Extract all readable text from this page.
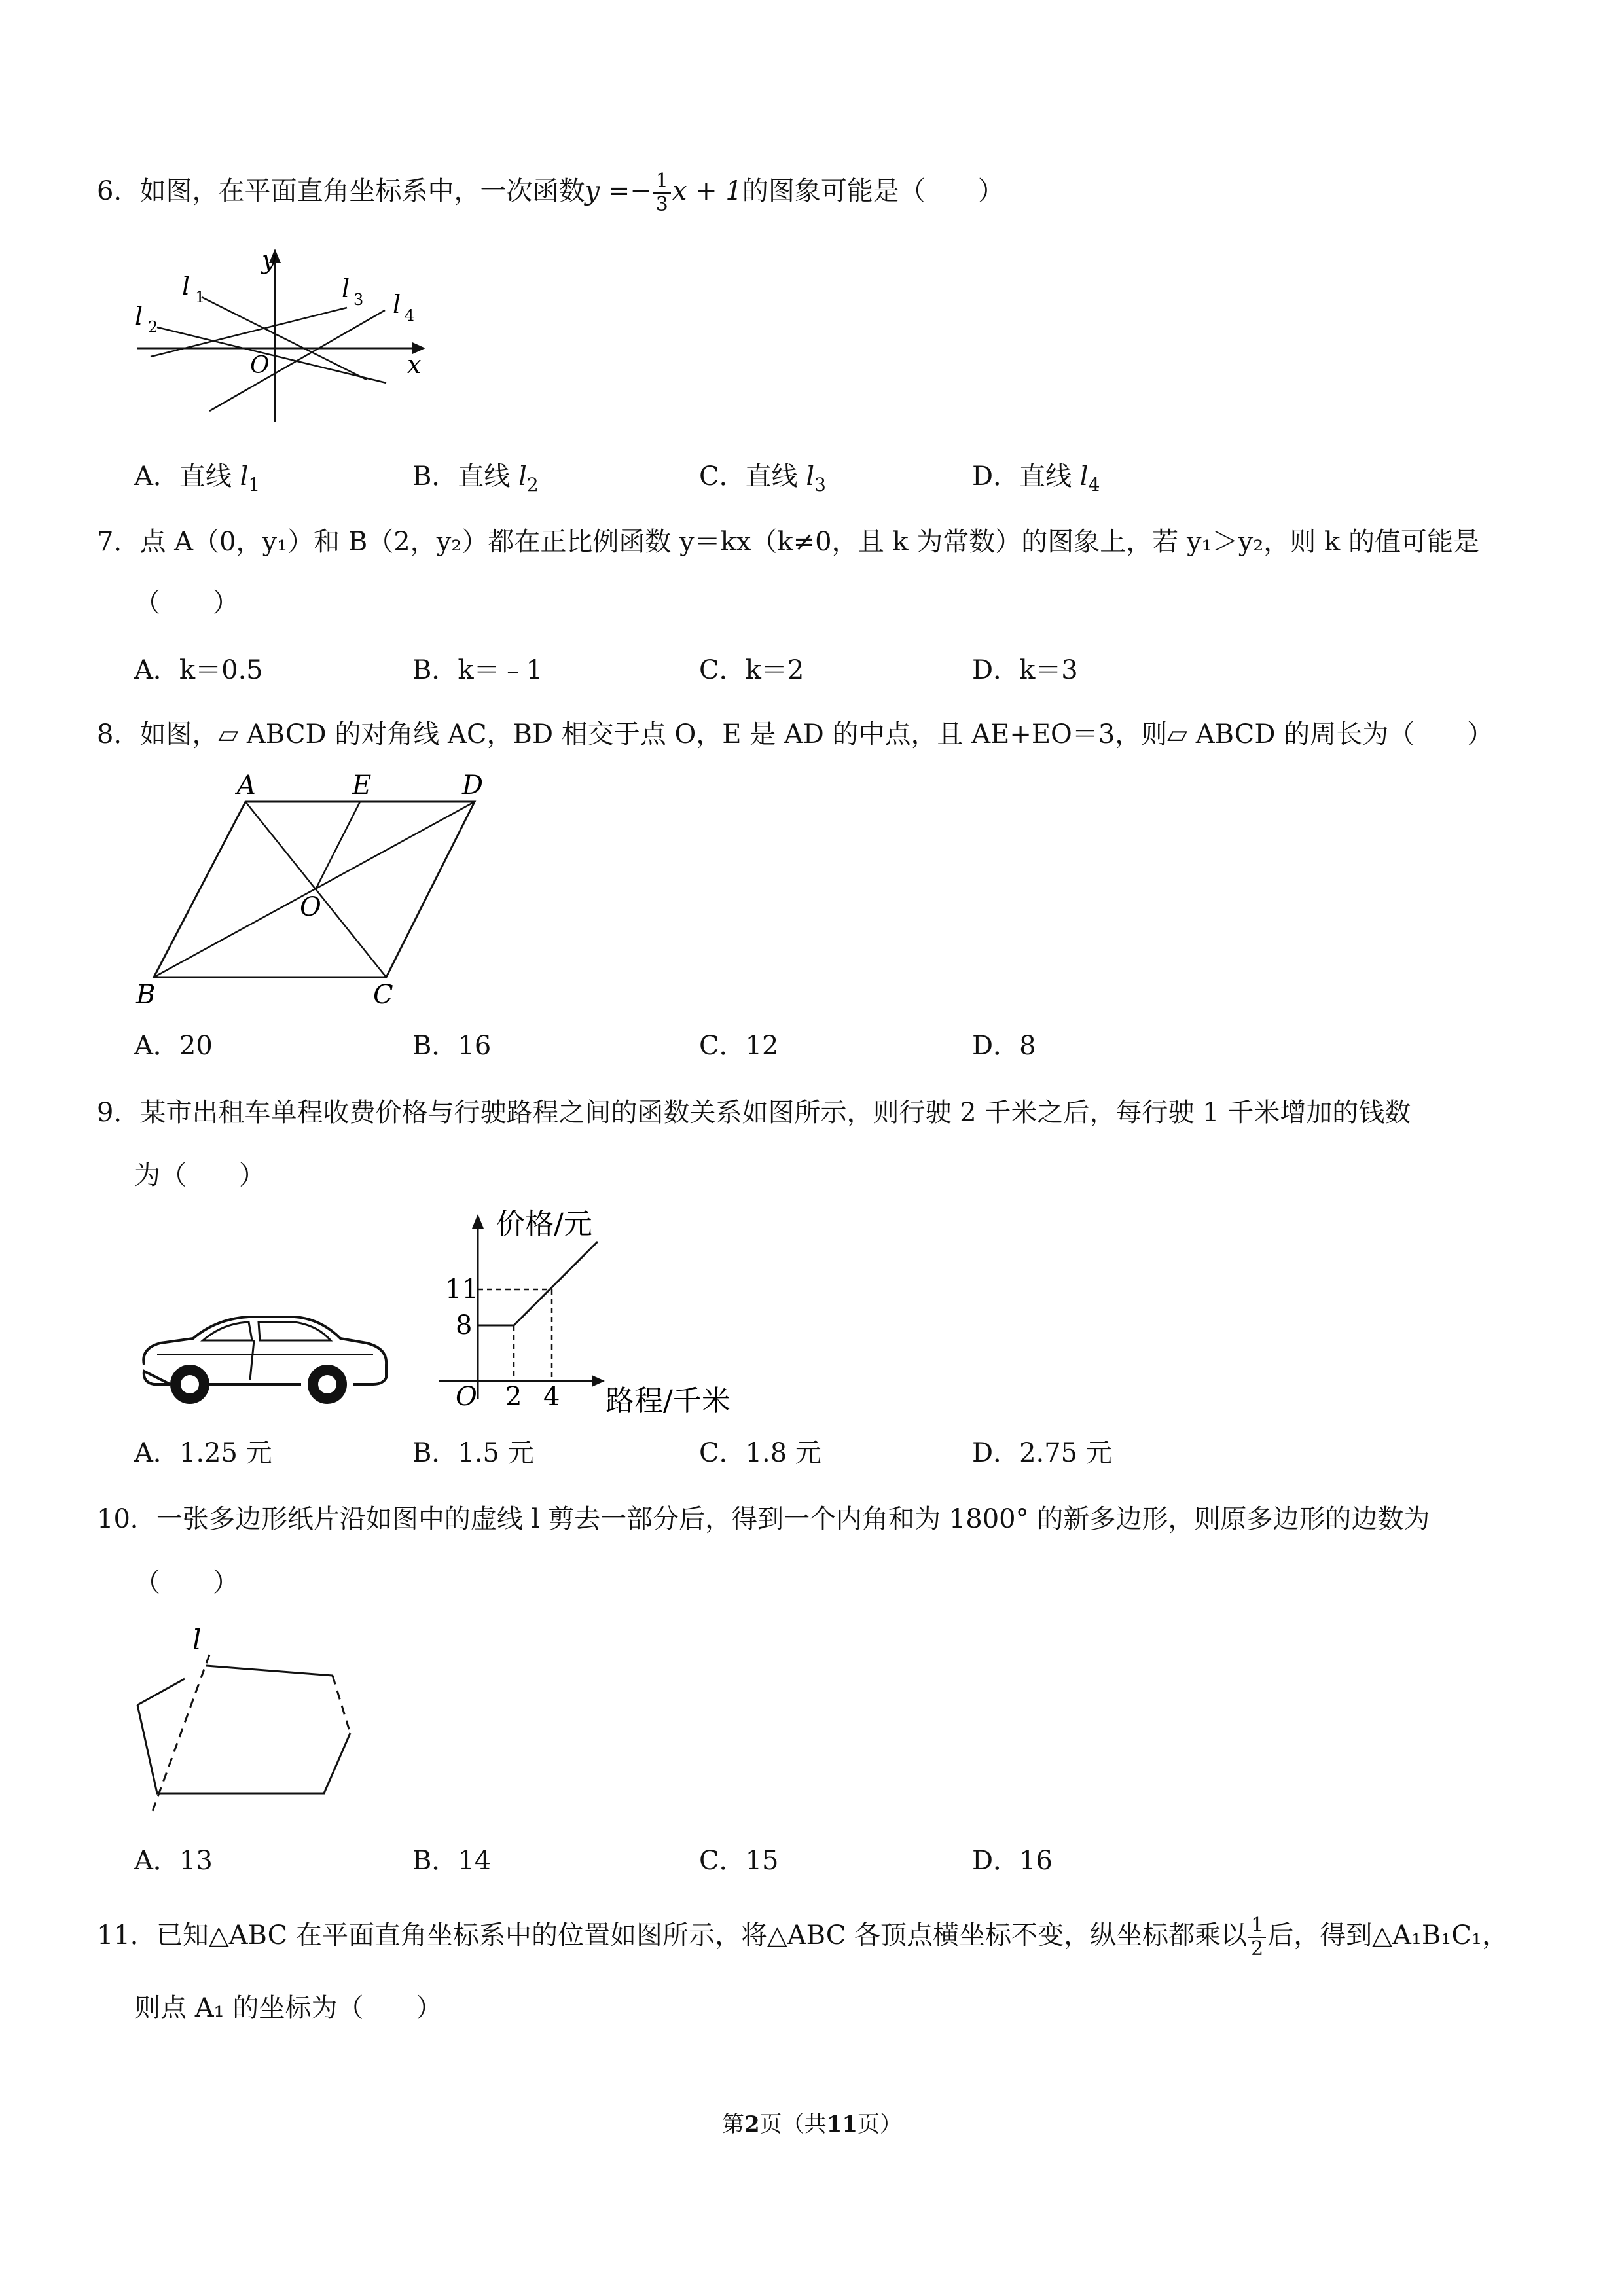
6．如图，在平面直角坐标系中，一次函数$y =- \frac{1}{3}$ x + 1的图象可能是（　　）
y
x
O
l 1
l 2
l 3 l 4
A．直线 $l_1$	B．直线 $l_2$	C．直线 $l_3$	D．直线 $l_4$
7．点 A（0，y₁）和 B（2，y₂）都在正比例函数 y＝kx（k≠0，且 k 为常数）的图象上，若 y₁＞y₂，则 k 的值可能是
（　　）
A．k＝0.5	B．k＝﹣1	C．k＝2	D．k＝3
8．如图，▱ ABCD 的对角线 AC，BD 相交于点 O，E 是 AD 的中点，且 AE+EO＝3，则▱ ABCD 的周长为（　　）
A	E	D
O
B	C
A．20	B．16	C．12	D．8
9．某市出租车单程收费价格与行驶路程之间的函数关系如图所示，则行驶 2 千米之后，每行驶 1 千米增加的钱数
为（　　）
价格/元
路程/千米
11
8
2 4
O
A．1.25 元	B．1.5 元	C．1.8 元	D．2.75 元
10．一张多边形纸片沿如图中的虚线 l 剪去一部分后，得到一个内角和为 1800° 的新多边形，则原多边形的边数为
（　　）
l
A．13	B．14	C．15	D．16
11．已知△ABC 在平面直角坐标系中的位置如图所示，将△ABC 各顶点横坐标不变，纵坐标都乘以 $\frac{1}{2}$ 后，得到△A₁B₁C₁，
则点 A₁ 的坐标为（　　）
第2页（共11页）
